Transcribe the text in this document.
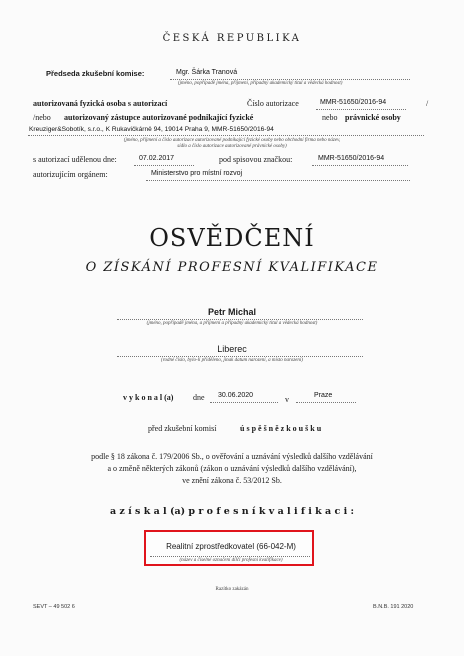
ČESKÁ REPUBLIKA
Předseda zkušební komise:	Mgr. Šárka Tranová
(jméno, popřípadě jména, příjmení, případný akademický titul a vědecká hodnost)
autorizovaná fyzická osoba s autorizací	Číslo autorizace	MMR-51650/2016-94	/
/nebo autorizovaný zástupce autorizované podnikající fyzické	nebo právnické osoby
Kreuziger&Sobotík, s.r.o., K Rukavičkárně 94, 19014 Praha 9, MMR-51650/2016-94
(jméno, příjmení a číslo autorizace autorizované podnikající fyzické osoby nebo obchodní firma nebo název,
sídlo a číslo autorizace autorizované právnické osoby)
s autorizací udělenou dne:	07.02.2017	pod spisovou značkou:	MMR-51650/2016-94
autorizujícím orgánem:	Ministerstvo pro místní rozvoj
OSVĚDČENÍ
O ZÍSKÁNÍ PROFESNÍ KVALIFIKACE
Petr Michal
(jméno, popřípadě jména, a příjmení a případný akademický titul a vědecká hodnost)
Liberec
(rodné číslo, bylo-li přiděleno, jinak datum narození, a místo narození)
v y k o n a l (a) dne 30.06.2020	v	Praze
před zkušební komisí	ú s p ě š n ě z k o u š k u
podle § 18 zákona č. 179/2006 Sb., o ověřování a uznávání výsledků dalšího vzdělávání
a o změně některých zákonů (zákon o uznávání výsledků dalšího vzdělávání),
ve znění zákona č. 53/2012 Sb.
a z í s k a l (a) p r o f e s n í k v a l i f i k a c i :
Realitní zprostředkovatel (66-042-M)
(název a číselné označení dílčí profesní kvalifikace)
Razítko zakázán
SEVT – 49 502 6	B.N.B. 191 2020
